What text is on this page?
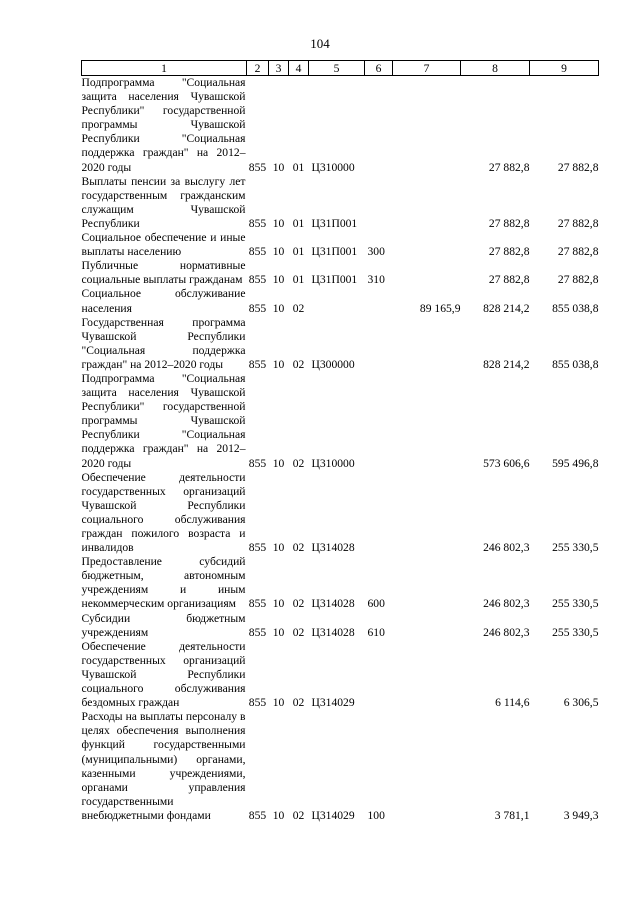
104
1	2	3	4	5	6	7	8	9
Подпрограмма "Социальная защита населения Чувашской Республики" государственной программы Чувашской Республики "Социальная поддержка граждан" на 2012–2020 годы	855	10	01	Ц310000			27 882,8	27 882,8
Выплаты пенсии за выслугу лет государственным гражданским служащим Чувашской Республики	855	10	01	Ц31П001			27 882,8	27 882,8
Социальное обеспечение и иные выплаты населению	855	10	01	Ц31П001	300		27 882,8	27 882,8
Публичные нормативные социальные выплаты гражданам	855	10	01	Ц31П001	310		27 882,8	27 882,8
Социальное обслуживание населения	855	10	02			89 165,9	828 214,2	855 038,8
Государственная программа Чувашской Республики "Социальная поддержка граждан" на 2012–2020 годы	855	10	02	Ц300000			828 214,2	855 038,8
Подпрограмма "Социальная защита населения Чувашской Республики" государственной программы Чувашской Республики "Социальная поддержка граждан" на 2012–2020 годы	855	10	02	Ц310000			573 606,6	595 496,8
Обеспечение деятельности государственных организаций Чувашской Республики социального обслуживания граждан пожилого возраста и инвалидов	855	10	02	Ц314028			246 802,3	255 330,5
Предоставление субсидий бюджетным, автономным учреждениям и иным некоммерческим организациям	855	10	02	Ц314028	600		246 802,3	255 330,5
Субсидии бюджетным учреждениям	855	10	02	Ц314028	610		246 802,3	255 330,5
Обеспечение деятельности государственных организаций Чувашской Республики социального обслуживания бездомных граждан	855	10	02	Ц314029			6 114,6	6 306,5
Расходы на выплаты персоналу в целях обеспечения выполнения функций государственными (муниципальными) органами, казенными учреждениями, органами управления государственными внебюджетными фондами	855	10	02	Ц314029	100		3 781,1	3 949,3
